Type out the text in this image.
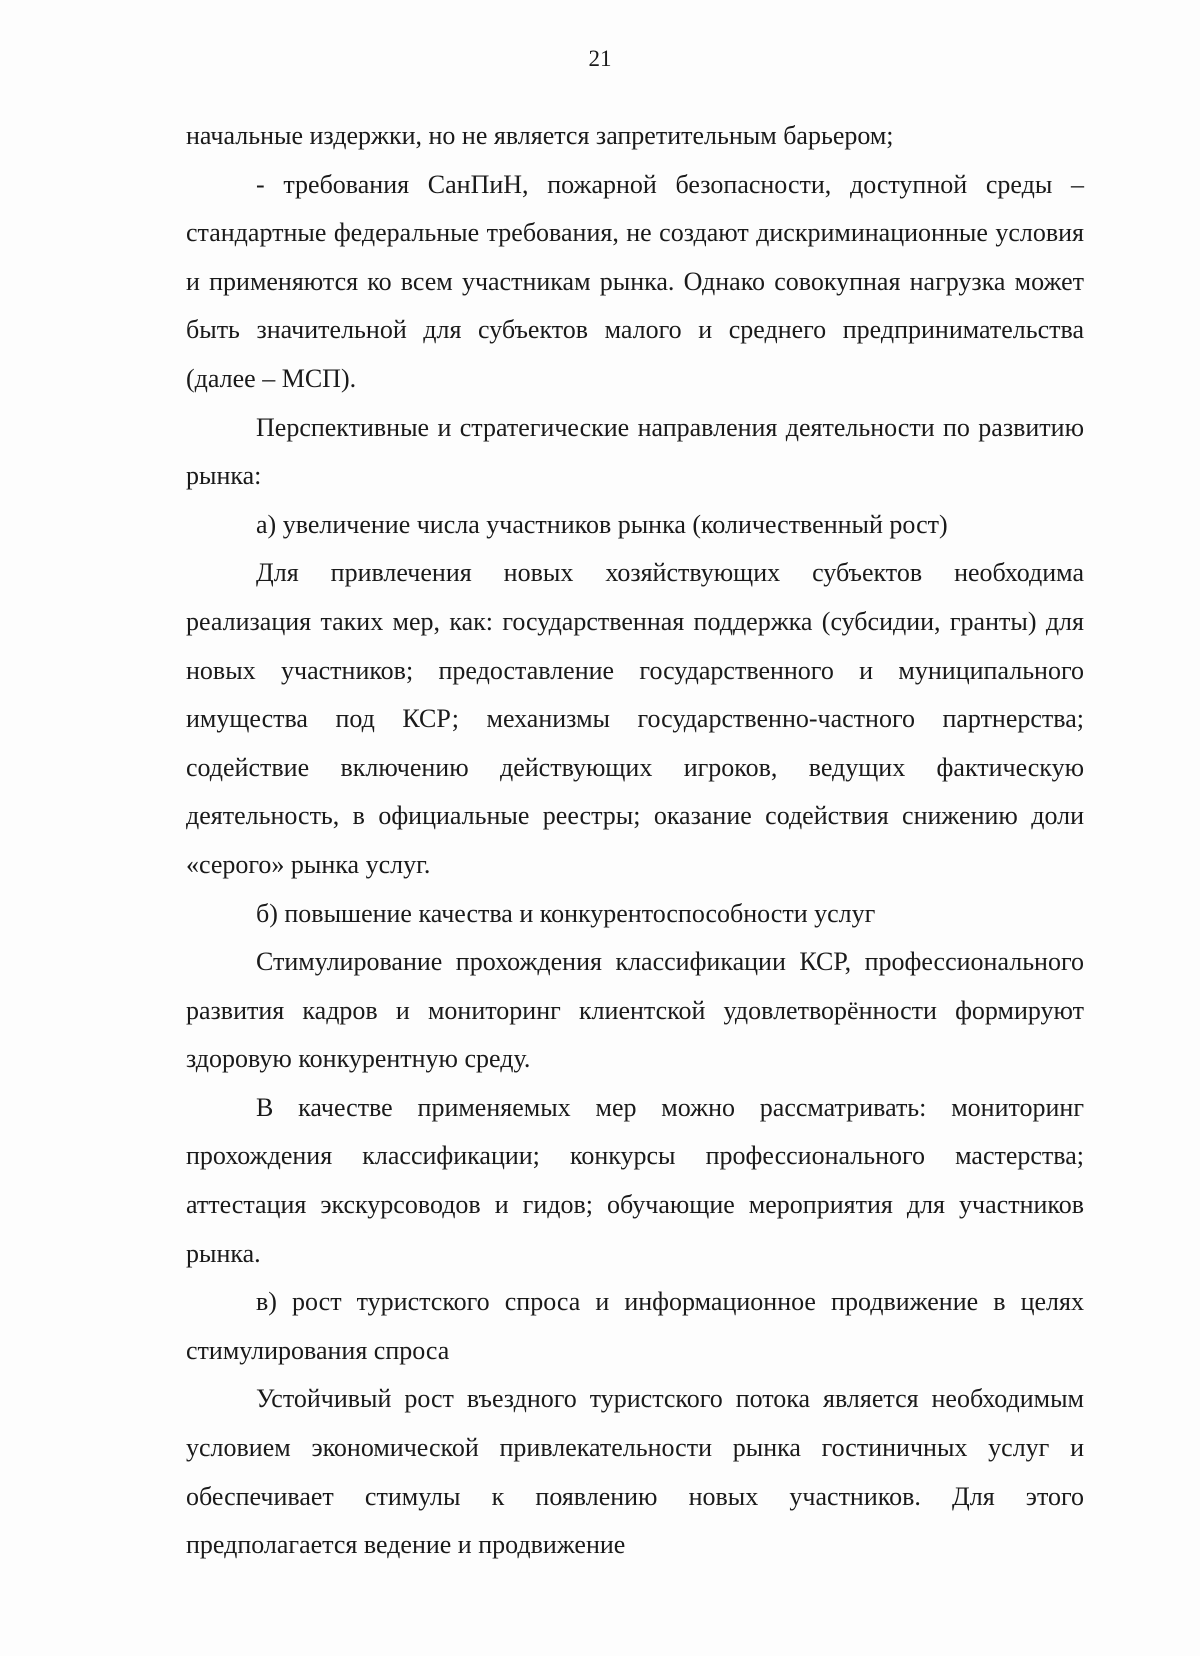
21

начальные издержки, но не является запретительным барьером;

- требования СанПиН, пожарной безопасности, доступной среды – стандартные федеральные требования, не создают дискриминационные условия и применяются ко всем участникам рынка. Однако совокупная нагрузка может быть значительной для субъектов малого и среднего предпринимательства (далее – МСП).

Перспективные и стратегические направления деятельности по развитию рынка:

а) увеличение числа участников рынка (количественный рост)

Для привлечения новых хозяйствующих субъектов необходима реализация таких мер, как: государственная поддержка (субсидии, гранты) для новых участников; предоставление государственного и муниципального имущества под КСР; механизмы государственно-частного партнерства; содействие включению действующих игроков, ведущих фактическую деятельность, в официальные реестры; оказание содействия снижению доли «серого» рынка услуг.

б) повышение качества и конкурентоспособности услуг

Стимулирование прохождения классификации КСР, профессионального развития кадров и мониторинг клиентской удовлетворённости формируют здоровую конкурентную среду.

В качестве применяемых мер можно рассматривать: мониторинг прохождения классификации; конкурсы профессионального мастерства; аттестация экскурсоводов и гидов; обучающие мероприятия для участников рынка.

в) рост туристского спроса и информационное продвижение в целях стимулирования спроса

Устойчивый рост въездного туристского потока является необходимым условием экономической привлекательности рынка гостиничных услуг и обеспечивает стимулы к появлению новых участников. Для этого предполагается ведение и продвижение
